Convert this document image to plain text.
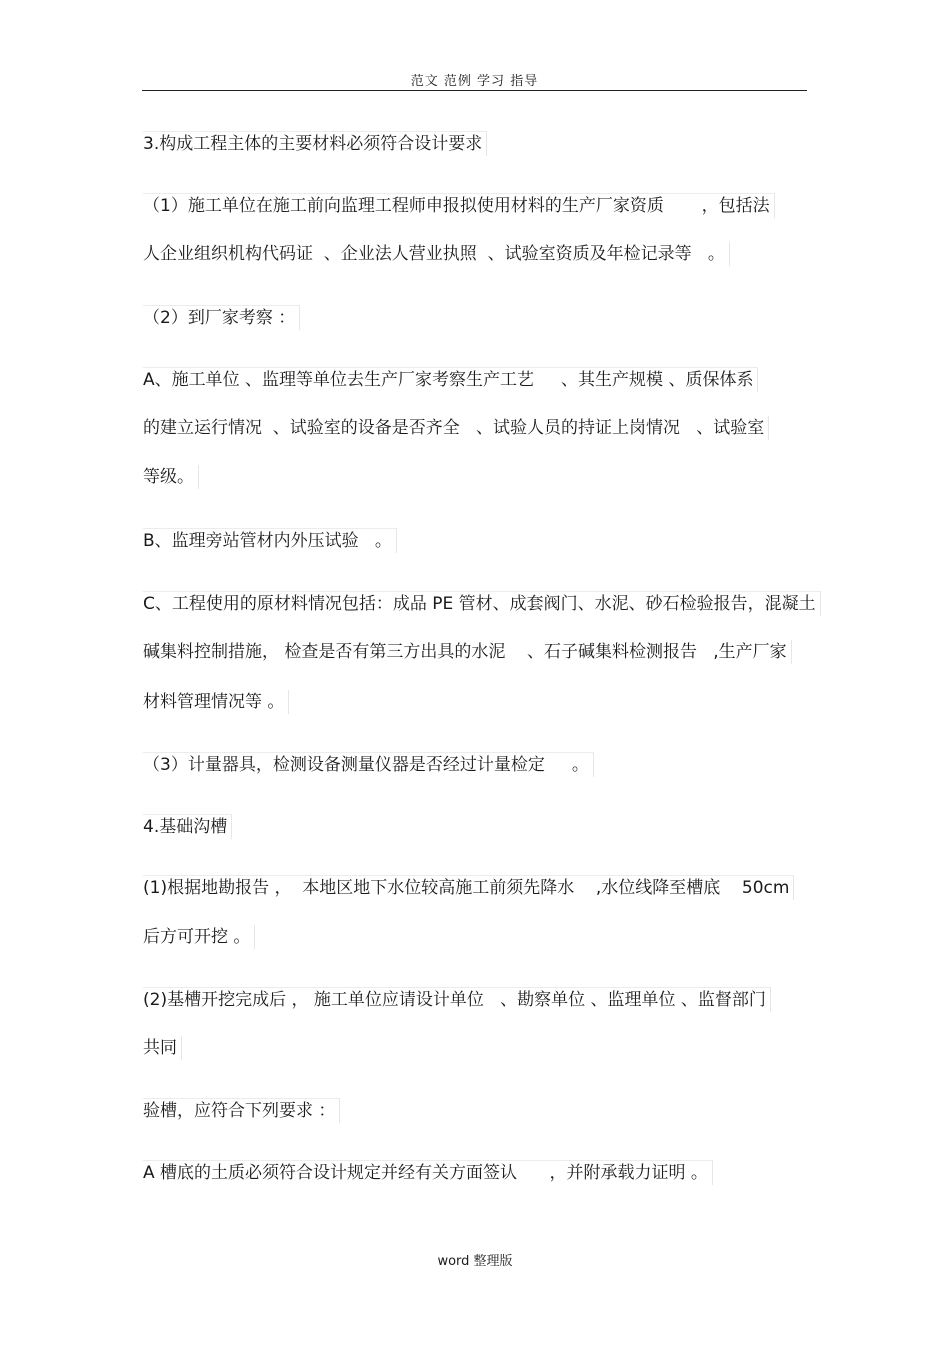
范文 范例 学习 指导
3.构成工程主体的主要材料必须符合设计要求
（1）施工单位在施工前向监理工程师申报拟使用材料的生产厂家资质       ，包括法
人企业组织机构代码证  、企业法人营业执照  、试验室资质及年检记录等   。
（2）到厂家考察 ：
A、施工单位 、监理等单位去生产厂家考察生产工艺     、其生产规模 、质保体系
的建立运行情况  、试验室的设备是否齐全   、试验人员的持证上岗情况   、试验室
等级。
B、监理旁站管材内外压试验   。
C、工程使用的原材料情况包括：成品 PE 管材、成套阀门、水泥、砂石检验报告，混凝土
碱集料控制措施， 检查是否有第三方出具的水泥    、石子碱集料检测报告   ,生产厂家
材料管理情况等 。
（3）计量器具，检测设备测量仪器是否经过计量检定     。
4.基础沟槽
(1)根据地勘报告 ，  本地区地下水位较高施工前须先降水    ,水位线降至槽底    50cm
后方可开挖 。
(2)基槽开挖完成后 ， 施工单位应请设计单位   、勘察单位 、监理单位 、监督部门
共同
验槽，应符合下列要求 ：
A 槽底的土质必须符合设计规定并经有关方面签认      ，并附承载力证明 。
word 整理版
